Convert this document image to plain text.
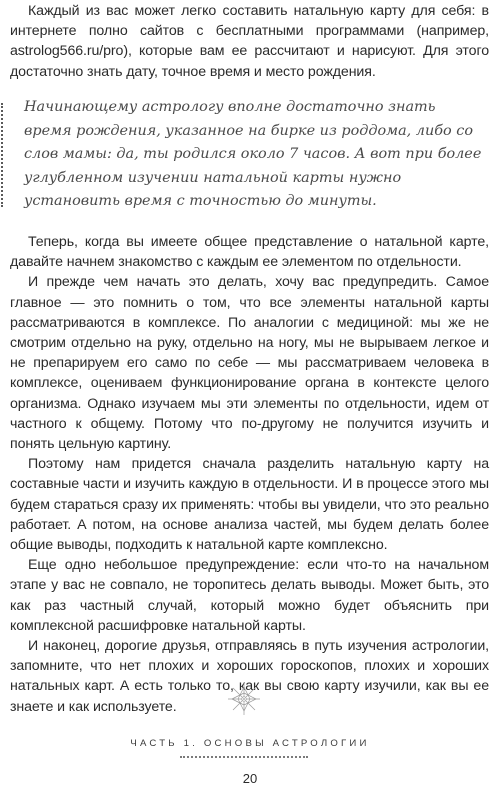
Каждый из вас может легко составить натальную карту для себя: в интернете полно сайтов с бесплатными программами (например, astrolog566.ru/pro), которые вам ее рассчитают и нарисуют. Для этого достаточно знать дату, точное время и место рождения.

Начинающему астрологу вполне достаточно знать время рождения, указанное на бирке из роддома, либо со слов мамы: да, ты родился около 7 часов. А вот при более углубленном изучении натальной карты нужно установить время с точностью до минуты.

Теперь, когда вы имеете общее представление о натальной карте, давайте начнем знакомство с каждым ее элементом по отдельности.

И прежде чем начать это делать, хочу вас предупредить. Самое главное — это помнить о том, что все элементы натальной карты рассматриваются в комплексе. По аналогии с медициной: мы же не смотрим отдельно на руку, отдельно на ногу, мы не вырываем легкое и не препарируем его само по себе — мы рассматриваем человека в комплексе, оцениваем функционирование органа в контексте целого организма. Однако изучаем мы эти элементы по отдельности, идем от частного к общему. Потому что по-другому не получится изучить и понять цельную картину.

Поэтому нам придется сначала разделить натальную карту на составные части и изучить каждую в отдельности. И в процессе этого мы будем стараться сразу их применять: чтобы вы увидели, что это реально работает. А потом, на основе анализа частей, мы будем делать более общие выводы, подходить к натальной карте комплексно.

Еще одно небольшое предупреждение: если что-то на начальном этапе у вас не совпало, не торопитесь делать выводы. Может быть, это как раз частный случай, который можно будет объяснить при комплексной расшифровке натальной карты.

И наконец, дорогие друзья, отправляясь в путь изучения астрологии, запомните, что нет плохих и хороших гороскопов, плохих и хороших натальных карт. А есть только то, как вы свою карту изучили, как вы ее знаете и как используете.

ЧАСТЬ 1. ОСНОВЫ АСТРОЛОГИИ
20
